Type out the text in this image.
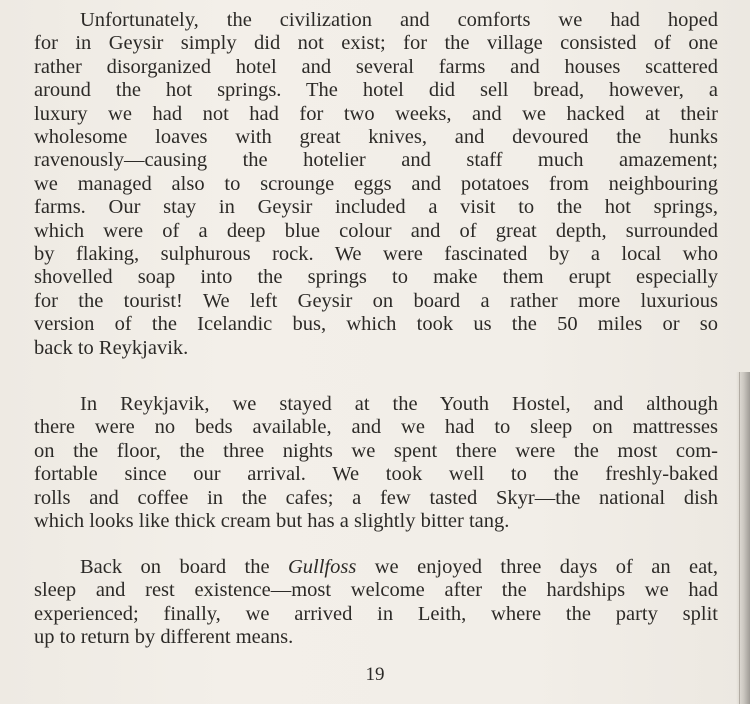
Unfortunately, the civilization and comforts we had hoped
for in Geysir simply did not exist; for the village consisted of one
rather disorganized hotel and several farms and houses scattered
around the hot springs. The hotel did sell bread, however, a
luxury we had not had for two weeks, and we hacked at their
wholesome loaves with great knives, and devoured the hunks
ravenously—causing the hotelier and staff much amazement;
we managed also to scrounge eggs and potatoes from neighbouring
farms. Our stay in Geysir included a visit to the hot springs,
which were of a deep blue colour and of great depth, surrounded
by flaking, sulphurous rock. We were fascinated by a local who
shovelled soap into the springs to make them erupt especially
for the tourist! We left Geysir on board a rather more luxurious
version of the Icelandic bus, which took us the 50 miles or so
back to Reykjavik.
In Reykjavik, we stayed at the Youth Hostel, and although
there were no beds available, and we had to sleep on mattresses
on the floor, the three nights we spent there were the most com-
fortable since our arrival. We took well to the freshly-baked
rolls and coffee in the cafes; a few tasted Skyr—the national dish
which looks like thick cream but has a slightly bitter tang.
Back on board the Gullfoss we enjoyed three days of an eat,
sleep and rest existence—most welcome after the hardships we had
experienced; finally, we arrived in Leith, where the party split
up to return by different means.
19
